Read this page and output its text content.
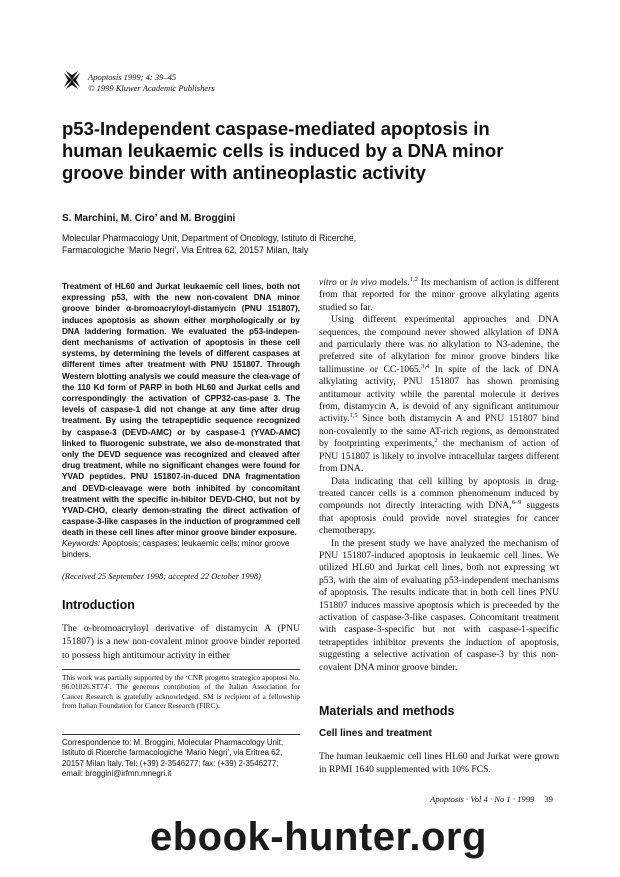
Apoptosis 1999; 4: 39–45
© 1999 Kluwer Academic Publishers
p53-Independent caspase-mediated apoptosis in human leukaemic cells is induced by a DNA minor groove binder with antineoplastic activity

S. Marchini, M. Ciro’ and M. Broggini

Molecular Pharmacology Unit, Department of Oncology, Istituto di Ricerche,
Farmacologiche ‘Mario Negri’, Via Eritrea 62, 20157 Milan, Italy

Treatment of HL60 and Jurkat leukaemic cell lines, both not expressing p53, with the new non-covalent DNA minor groove binder α-bromoacryloyl-distamycin (PNU 151807), induces apoptosis as shown either morphologically or by DNA laddering formation. We evaluated the p53-indepen-dent mechanisms of activation of apoptosis in these cell systems, by determining the levels of different caspases at different times after treatment with PNU 151807. Through Western blotting analysis we could measure the clea-vage of the 110 Kd form of PARP in both HL60 and Jurkat cells and correspondingly the activation of CPP32-cas-pase 3. The levels of caspase-1 did not change at any time after drug treatment. By using the tetrapeptidic sequence recognized by caspase-3 (DEVD-AMC) or by caspase-1 (YVAD-AMC) linked to fluorogenic substrate, we also de-monstrated that only the DEVD sequence was recognized and cleaved after drug treatment, while no significant changes were found for YVAD peptides. PNU 151807-in-duced DNA fragmentation and DEVD-cleavage were both inhibited by concomitant treatment with the specific in-hibitor DEVD-CHO, but not by YVAD-CHO, clearly demon-strating the direct activation of caspase-3-like caspases in the induction of programmed cell death in these cell lines after minor groove binder exposure.

Keywords: Apoptosis; caspases; leukaemic cells; minor groove binders.

(Received 25 September 1998; accepted 22 October 1998)

Introduction

The α-bromoacryloyl derivative of distamycin A (PNU 151807) is a new non-covalent minor groove binder reported to possess high antitumour activity in either

This work was partially supported by the ‘CNR progetto strategico apoptosi No. 96.01026.ST74’. The generous contribution of the Italian Association for Cancer Research is gratefully acknowledged. SM is recipient of a fellowship from Italian Foundation for Cancer Research (FIRC).

Correspondence to: M. Broggini, Molecular Pharmacology Unit, Istituto di Ricerche farmacologiche ‘Mario Negri’, via Eritrea 62, 20157 Milan Italy. Tel: (+39) 2-3546277; fax: (+39) 2-3546277; email: broggini@irfmn.mnegri.it

vitro or in vivo models.$^{1,2}$ Its mechanism of action is different from that reported for the minor groove alkylating agents studied so far.

Using different experimental approaches and DNA sequences, the compound never showed alkylation of DNA and particularly there was no alkylation to N3-adenine, the preferred site of alkylation for minor groove binders like tallimustine or CC-1065.$^{3,4}$ In spite of the lack of DNA alkylating activity, PNU 151807 has shown promising antitumour activity while the parental molecule it derives from, distamycin A, is devoid of any significant antitumour activity.$^{1,5}$ Since both distamycin A and PNU 151807 bind non-covalently to the same AT-rich regions, as demonstrated by footprinting experiments,$^2$ the mechanism of action of PNU 151807 is likely to involve intracellular targets different from DNA.

Data indicating that cell killing by apoptosis in drug-treated cancer cells is a common phenomenum induced by compounds not directly interacting with DNA,$^{6-9}$ suggests that apoptosis could provide novel strategies for cancer chemotherapy.

In the present study we have analyzed the mechanism of PNU 151807-induced apoptosis in leukaemic cell lines. We utilized HL60 and Jurkat cell lines, both not expressing wt p53, with the aim of evaluating p53-independent mechanisms of apoptosis. The results indicate that in both cell lines PNU 151807 induces massive apoptosis which is preceeded by the activation of caspase-3-like caspases. Concomitant treatment with caspase-3-specific but not with caspase-1-specific tetrapeptides inhibitor prevents the induction of apoptosis, suggesting a selective activation of caspase-3 by this non-covalent DNA minor groove binder.

Materials and methods
Cell lines and treatment

The human leukaemic cell lines HL60 and Jurkat were grown in RPMI 1640 supplemented with 10% FCS.

Apoptosis · Vol 4 · No 1 · 1999 39

ebook-hunter.org
